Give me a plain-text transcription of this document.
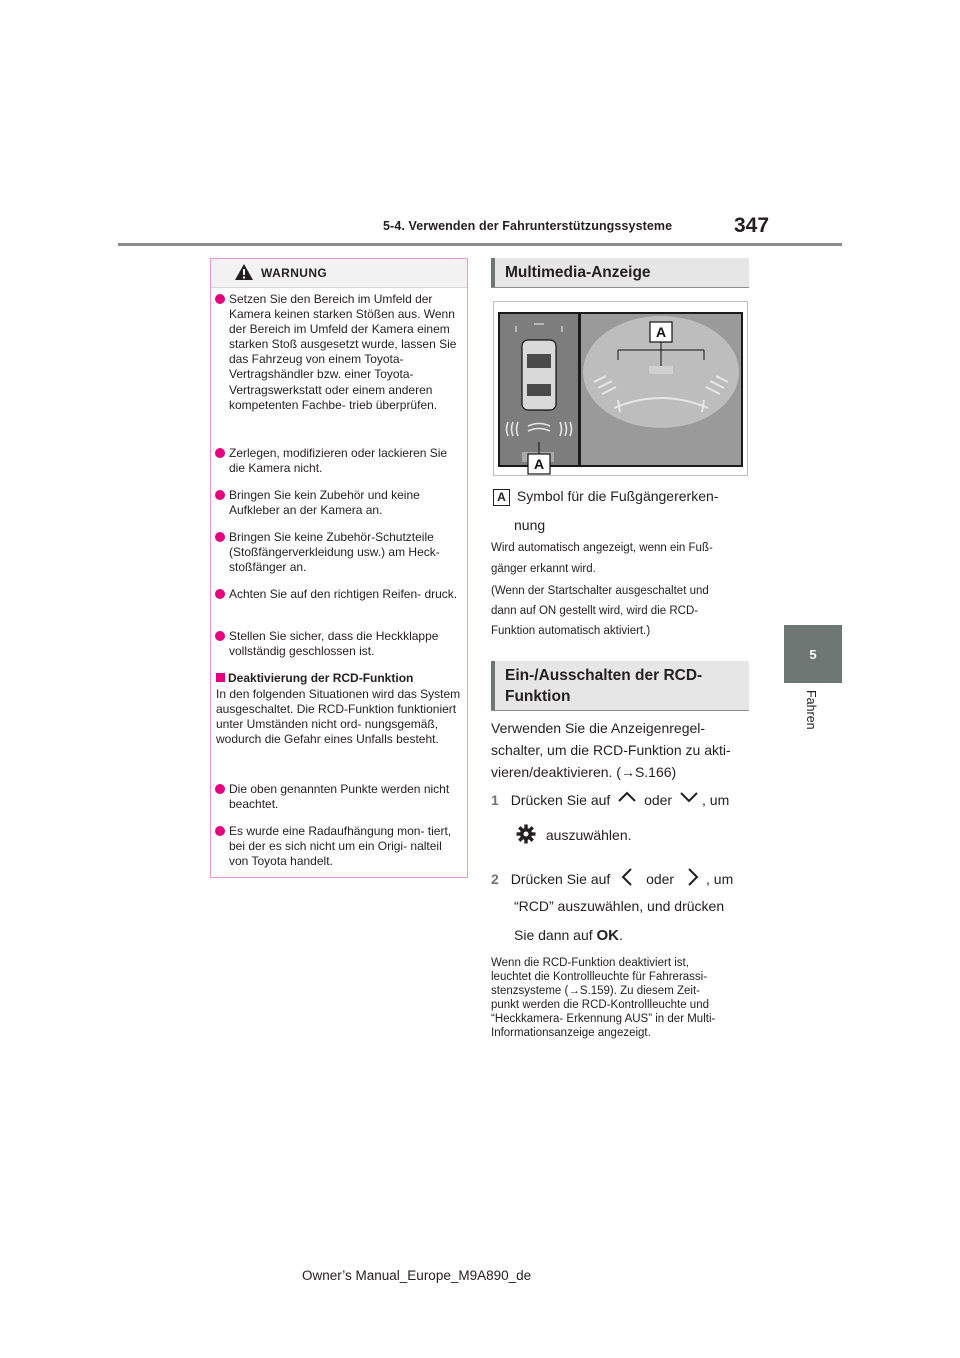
5-4. Verwenden der Fahrunterstützungssysteme	347
5
Fahren
WARNUNG
Setzen Sie den Bereich im Umfeld der Kamera keinen starken Stößen aus. Wenn der Bereich im Umfeld der Kamera einem starken Stoß ausgesetzt wurde, lassen Sie das Fahrzeug von einem Toyota-Vertragshändler bzw. einer Toyota-Vertragswerkstatt oder einem anderen kompetenten Fachbe- trieb überprüfen.
Zerlegen, modifizieren oder lackieren Sie die Kamera nicht.
Bringen Sie kein Zubehör und keine Aufkleber an der Kamera an.
Bringen Sie keine Zubehör-Schutzteile (Stoßfängerverkleidung usw.) am Heck- stoßfänger an.
Achten Sie auf den richtigen Reifen- druck.
Stellen Sie sicher, dass die Heckklappe vollständig geschlossen ist.
Deaktivierung der RCD-Funktion
In den folgenden Situationen wird das System ausgeschaltet. Die RCD-Funktion funktioniert unter Umständen nicht ord- nungsgemäß, wodurch die Gefahr eines Unfalls besteht.
Die oben genannten Punkte werden nicht beachtet.
Es wurde eine Radaufhängung mon- tiert, bei der es sich nicht um ein Origi- nalteil von Toyota handelt.
Multimedia-Anzeige
A
A
A Symbol für die Fußgängererken-
nung
Wird automatisch angezeigt, wenn ein Fuß-
gänger erkannt wird.
(Wenn der Startschalter ausgeschaltet und
dann auf ON gestellt wird, wird die RCD-
Funktion automatisch aktiviert.)
Ein-/Ausschalten der RCD-
Funktion
Verwenden Sie die Anzeigenregel-
schalter, um die RCD-Funktion zu akti-
vieren/deaktivieren. (→S.166)
1 Drücken Sie auf oder , um
auszuwählen.
2 Drücken Sie auf	oder , um
“RCD” auszuwählen, und drücken
Sie dann auf OK.
Wenn die RCD-Funktion deaktiviert ist,
leuchtet die Kontrollleuchte für Fahrerassi-
stenzsysteme (→S.159). Zu diesem Zeit-
punkt werden die RCD-Kontrollleuchte und
“Heckkamera- Erkennung AUS” in der Multi-
Informationsanzeige angezeigt.
Owner’s Manual_Europe_M9A890_de
